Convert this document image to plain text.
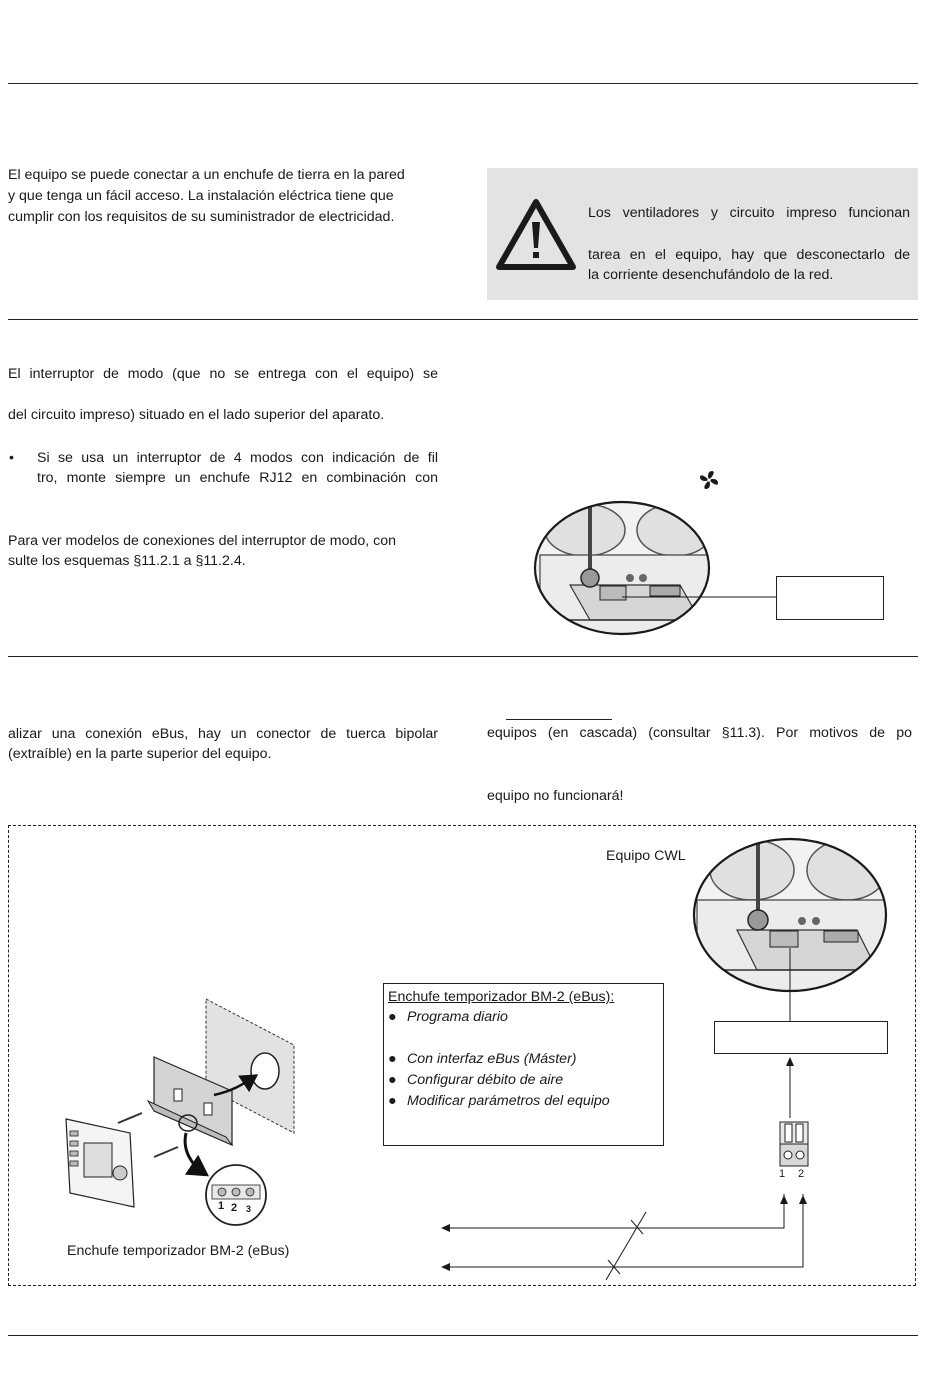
El equipo se puede conectar a un enchufe de tierra en la pared
y que tenga un fácil acceso. La instalación eléctrica tiene que
cumplir con los requisitos de su suministrador de electricidad.	Los ventiladores y circuito impreso funcionan
tarea en el equipo, hay que desconectarlo de
la corriente desenchufándolo de la red.
El interruptor de modo (que no se entrega con el equipo) se
del circuito impreso) situado en el lado superior del aparato.
• Si se usa un interruptor de 4 modos con indicación de fil
tro, monte siempre un enchufe RJ12 en combinación con
Para ver modelos de conexiones del interruptor de modo, con
sulte los esquemas §11.2.1 a §11.2.4.
alizar una conexión eBus, hay un conector de tuerca bipolar
(extraíble) en la parte superior del equipo.
equipos (en cascada) (consultar §11.3). Por motivos de po
equipo no funcionará!
Equipo CWL
Enchufe temporizador BM-2 (eBus):
● Programa diario
● Con interfaz eBus (Máster)
● Configurar débito de aire
● Modificar parámetros del equipo
1 2
1 2 3
Enchufe temporizador BM-2 (eBus)
